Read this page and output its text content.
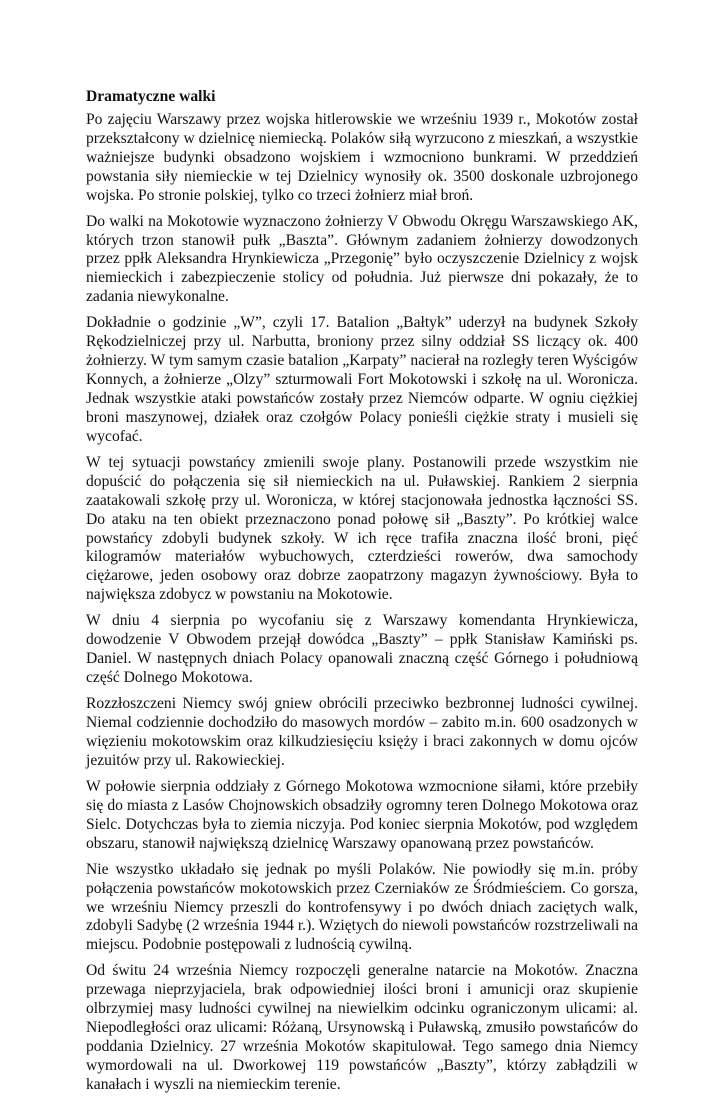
Dramatyczne walki

Po zajęciu Warszawy przez wojska hitlerowskie we wrześniu 1939 r., Mokotów został przekształcony w dzielnicę niemiecką. Polaków siłą wyrzucono z mieszkań, a wszystkie ważniejsze budynki obsadzono wojskiem i wzmocniono bunkrami. W przeddzień powstania siły niemieckie w tej Dzielnicy wynosiły ok. 3500 doskonale uzbrojonego wojska. Po stronie polskiej, tylko co trzeci żołnierz miał broń.

Do walki na Mokotowie wyznaczono żołnierzy V Obwodu Okręgu Warszawskiego AK, których trzon stanowił pułk „Baszta”. Głównym zadaniem żołnierzy dowodzonych przez ppłk Aleksandra Hrynkiewicza „Przegonię” było oczyszczenie Dzielnicy z wojsk niemieckich i zabezpieczenie stolicy od południa. Już pierwsze dni pokazały, że to zadania niewykonalne.

Dokładnie o godzinie „W”, czyli 17. Batalion „Bałtyk” uderzył na budynek Szkoły Rękodzielniczej przy ul. Narbutta, broniony przez silny oddział SS liczący ok. 400 żołnierzy. W tym samym czasie batalion „Karpaty” nacierał na rozległy teren Wyścigów Konnych, a żołnierze „Olzy” szturmowali Fort Mokotowski i szkołę na ul. Woronicza. Jednak wszystkie ataki powstańców zostały przez Niemców odparte. W ogniu ciężkiej broni maszynowej, działek oraz czołgów Polacy ponieśli ciężkie straty i musieli się wycofać.

W tej sytuacji powstańcy zmienili swoje plany. Postanowili przede wszystkim nie dopuścić do połączenia się sił niemieckich na ul. Puławskiej. Rankiem 2 sierpnia zaatakowali szkołę przy ul. Woronicza, w której stacjonowała jednostka łączności SS. Do ataku na ten obiekt przeznaczono ponad połowę sił „Baszty”. Po krótkiej walce powstańcy zdobyli budynek szkoły. W ich ręce trafiła znaczna ilość broni, pięć kilogramów materiałów wybuchowych, czterdzieści rowerów, dwa samochody ciężarowe, jeden osobowy oraz dobrze zaopatrzony magazyn żywnościowy. Była to największa zdobycz w powstaniu na Mokotowie.

W dniu 4 sierpnia po wycofaniu się z Warszawy komendanta Hrynkiewicza, dowodzenie V Obwodem przejął dowódca „Baszty” – ppłk Stanisław Kamiński ps. Daniel. W następnych dniach Polacy opanowali znaczną część Górnego i południową część Dolnego Mokotowa.

Rozzłoszczeni Niemcy swój gniew obrócili przeciwko bezbronnej ludności cywilnej. Niemal codziennie dochodziło do masowych mordów – zabito m.in. 600 osadzonych w więzieniu mokotowskim oraz kilkudziesięciu księży i braci zakonnych w domu ojców jezuitów przy ul. Rakowieckiej.

W połowie sierpnia oddziały z Górnego Mokotowa wzmocnione siłami, które przebiły się do miasta z Lasów Chojnowskich obsadziły ogromny teren Dolnego Mokotowa oraz Sielc. Dotychczas była to ziemia niczyja. Pod koniec sierpnia Mokotów, pod względem obszaru, stanowił największą dzielnicę Warszawy opanowaną przez powstańców.

Nie wszystko układało się jednak po myśli Polaków. Nie powiodły się m.in. próby połączenia powstańców mokotowskich przez Czerniaków ze Śródmieściem. Co gorsza, we wrześniu Niemcy przeszli do kontrofensywy i po dwóch dniach zaciętych walk, zdobyli Sadybę (2 września 1944 r.). Wziętych do niewoli powstańców rozstrzeliwali na miejscu. Podobnie postępowali z ludnością cywilną.

Od świtu 24 września Niemcy rozpoczęli generalne natarcie na Mokotów. Znaczna przewaga nieprzyjaciela, brak odpowiedniej ilości broni i amunicji oraz skupienie olbrzymiej masy ludności cywilnej na niewielkim odcinku ograniczonym ulicami: al. Niepodległości oraz ulicami: Różaną, Ursynowską i Puławską, zmusiło powstańców do poddania Dzielnicy. 27 września Mokotów skapitulował. Tego samego dnia Niemcy wymordowali na ul. Dworkowej 119 powstańców „Baszty”, którzy zabłądzili w kanałach i wyszli na niemieckim terenie.
